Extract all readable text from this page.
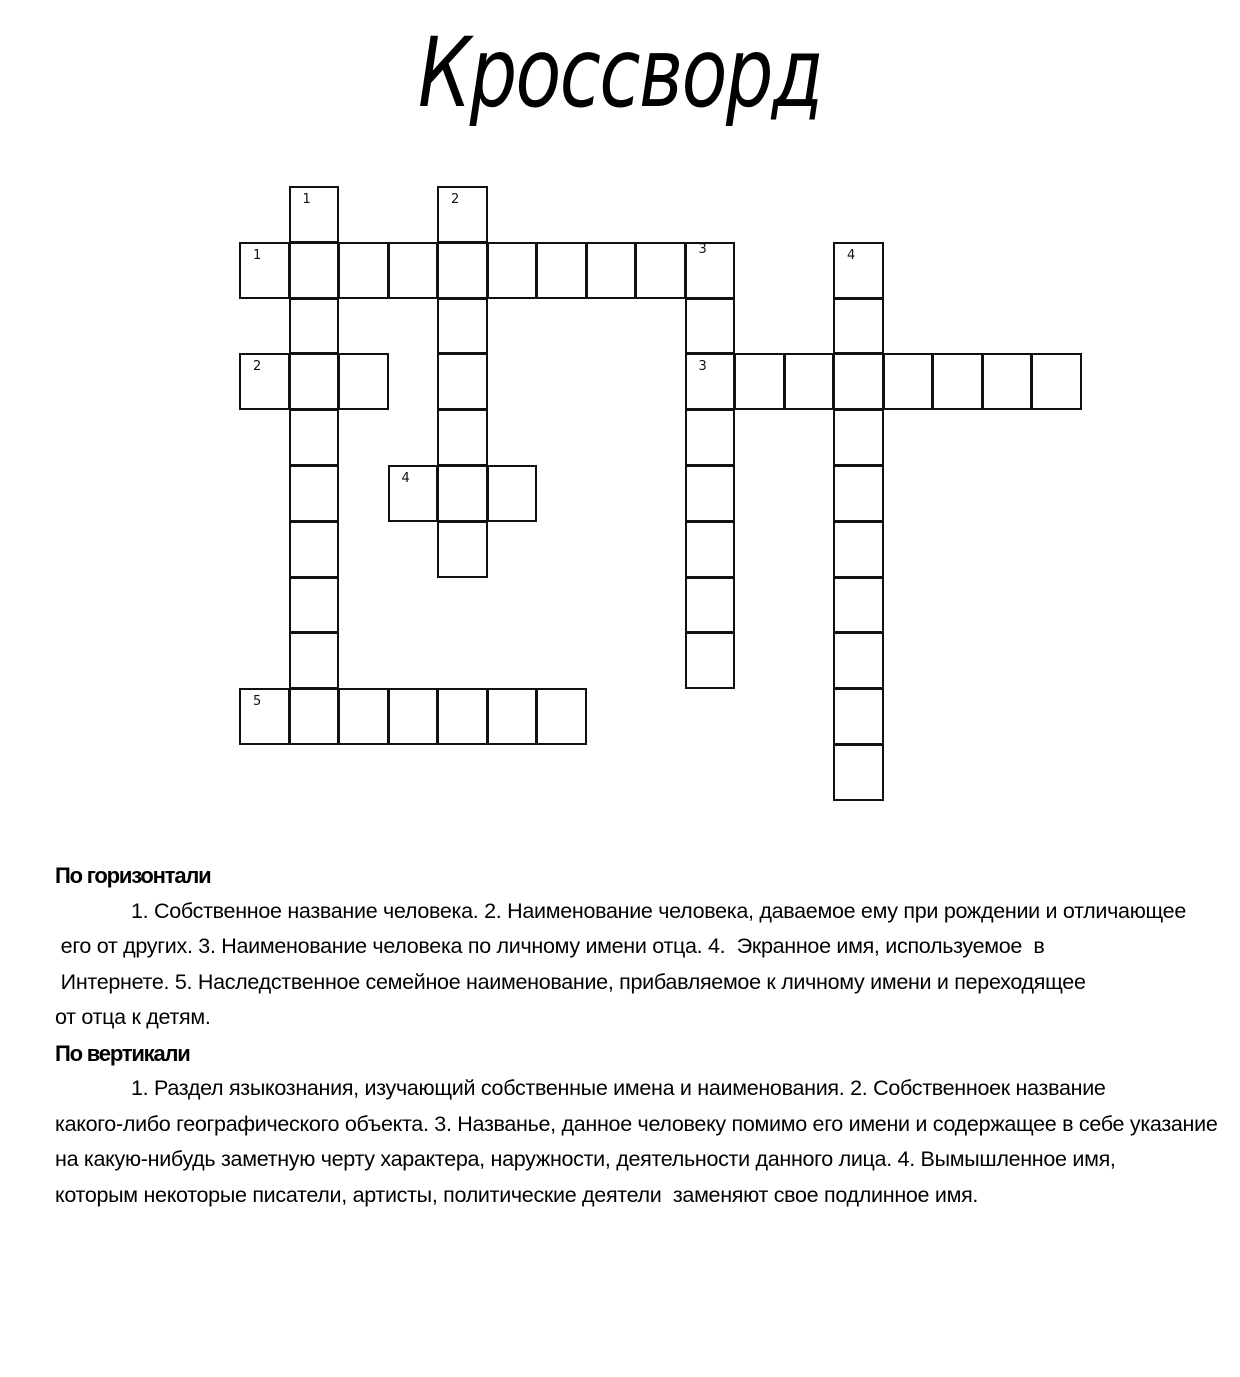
Кроссворд
1	3
2	3
4
5
1	2
4
По горизонтали
1. Собственное название человека. 2. Наименование человека, даваемое ему при рождении и отличающее
его от других. 3. Наименование человека по личному имени отца. 4.  Экранное имя, используемое  в
Интернете. 5. Наследственное семейное наименование, прибавляемое к личному имени и переходящее
от отца к детям.
По вертикали
1. Раздел языкознания, изучающий собственные имена и наименования. 2. Собственноек название
какого-либо географического объекта. 3. Названье, данное человеку помимо его имени и содержащее в себе указание
на какую-нибудь заметную черту характера, наружности, деятельности данного лица. 4. Вымышленное имя,
которым некоторые писатели, артисты, политические деятели  заменяют свое подлинное имя.
